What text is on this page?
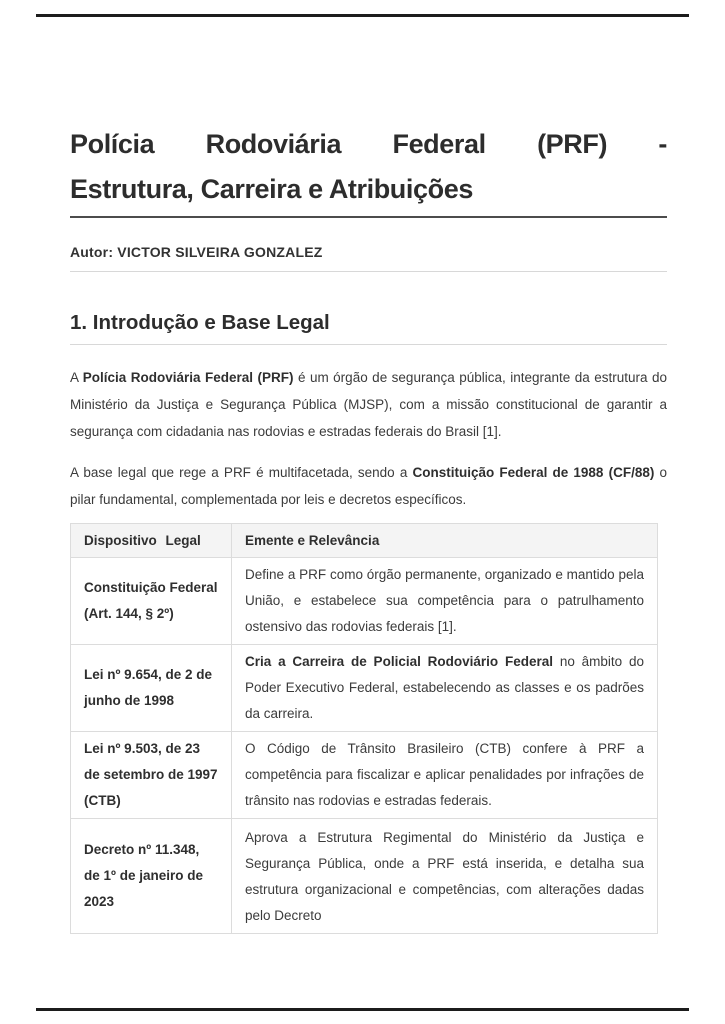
Polícia Rodoviária Federal (PRF) -
Estrutura, Carreira e Atribuições

Autor: VICTOR SILVEIRA GONZALEZ

1. Introdução e Base Legal

A Polícia Rodoviária Federal (PRF) é um órgão de segurança pública, integrante da estrutura do Ministério da Justiça e Segurança Pública (MJSP), com a missão constitucional de garantir a segurança com cidadania nas rodovias e estradas federais do Brasil [1].

A base legal que rege a PRF é multifacetada, sendo a Constituição Federal de 1988 (CF/88) o pilar fundamental, complementada por leis e decretos específicos.

Dispositivo Legal	Emente e Relevância
Constituição Federal (Art. 144, § 2º)	Define a PRF como órgão permanente, organizado e mantido pela União, e estabelece sua competência para o patrulhamento ostensivo das rodovias federais [1].
Lei nº 9.654, de 2 de junho de 1998	Cria a Carreira de Policial Rodoviário Federal no âmbito do Poder Executivo Federal, estabelecendo as classes e os padrões da carreira.
Lei nº 9.503, de 23 de setembro de 1997 (CTB)	O Código de Trânsito Brasileiro (CTB) confere à PRF a competência para fiscalizar e aplicar penalidades por infrações de trânsito nas rodovias e estradas federais.
Decreto nº 11.348, de 1º de janeiro de 2023	Aprova a Estrutura Regimental do Ministério da Justiça e Segurança Pública, onde a PRF está inserida, e detalha sua estrutura organizacional e competências, com alterações dadas pelo Decreto
